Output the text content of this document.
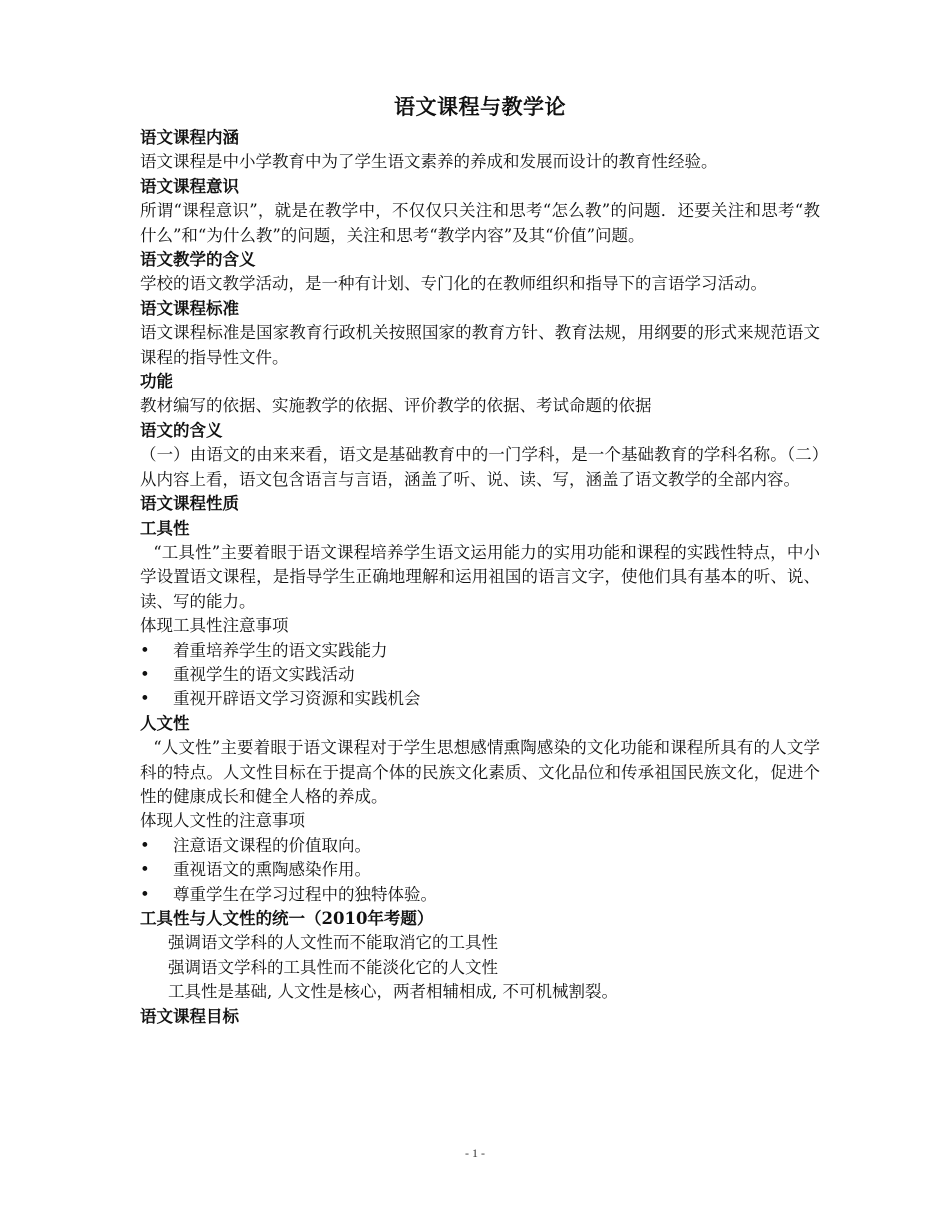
语文课程与教学论
语文课程内涵
语文课程是中小学教育中为了学生语文素养的养成和发展而设计的教育性经验。
语文课程意识
所谓“课程意识”，就是在教学中，不仅仅只关注和思考“怎么教”的问题．还要关注和思考“教什么”和“为什么教”的问题，关注和思考“教学内容”及其“价值”问题。
语文教学的含义
学校的语文教学活动，是一种有计划、专门化的在教师组织和指导下的言语学习活动。
语文课程标准
语文课程标准是国家教育行政机关按照国家的教育方针、教育法规，用纲要的形式来规范语文课程的指导性文件。
功能
教材编写的依据、实施教学的依据、评价教学的依据、考试命题的依据
语文的含义
（一）由语文的由来来看，语文是基础教育中的一门学科，是一个基础教育的学科名称。（二）从内容上看，语文包含语言与言语，涵盖了听、说、读、写，涵盖了语文教学的全部内容。
语文课程性质
工具性
“工具性”主要着眼于语文课程培养学生语文运用能力的实用功能和课程的实践性特点，中小学设置语文课程，是指导学生正确地理解和运用祖国的语言文字，使他们具有基本的听、说、读、写的能力。
体现工具性注意事项
•	着重培养学生的语文实践能力
•	重视学生的语文实践活动
•	重视开辟语文学习资源和实践机会
人文性
“人文性”主要着眼于语文课程对于学生思想感情熏陶感染的文化功能和课程所具有的人文学科的特点。人文性目标在于提高个体的民族文化素质、文化品位和传承祖国民族文化，促进个性的健康成长和健全人格的养成。
体现人文性的注意事项
•	注意语文课程的价值取向。
•	重视语文的熏陶感染作用。
•	尊重学生在学习过程中的独特体验。
工具性与人文性的统一（2010年考题）
强调语文学科的人文性而不能取消它的工具性
强调语文学科的工具性而不能淡化它的人文性
工具性是基础, 人文性是核心，两者相辅相成, 不可机械割裂。
语文课程目标
- 1 -
